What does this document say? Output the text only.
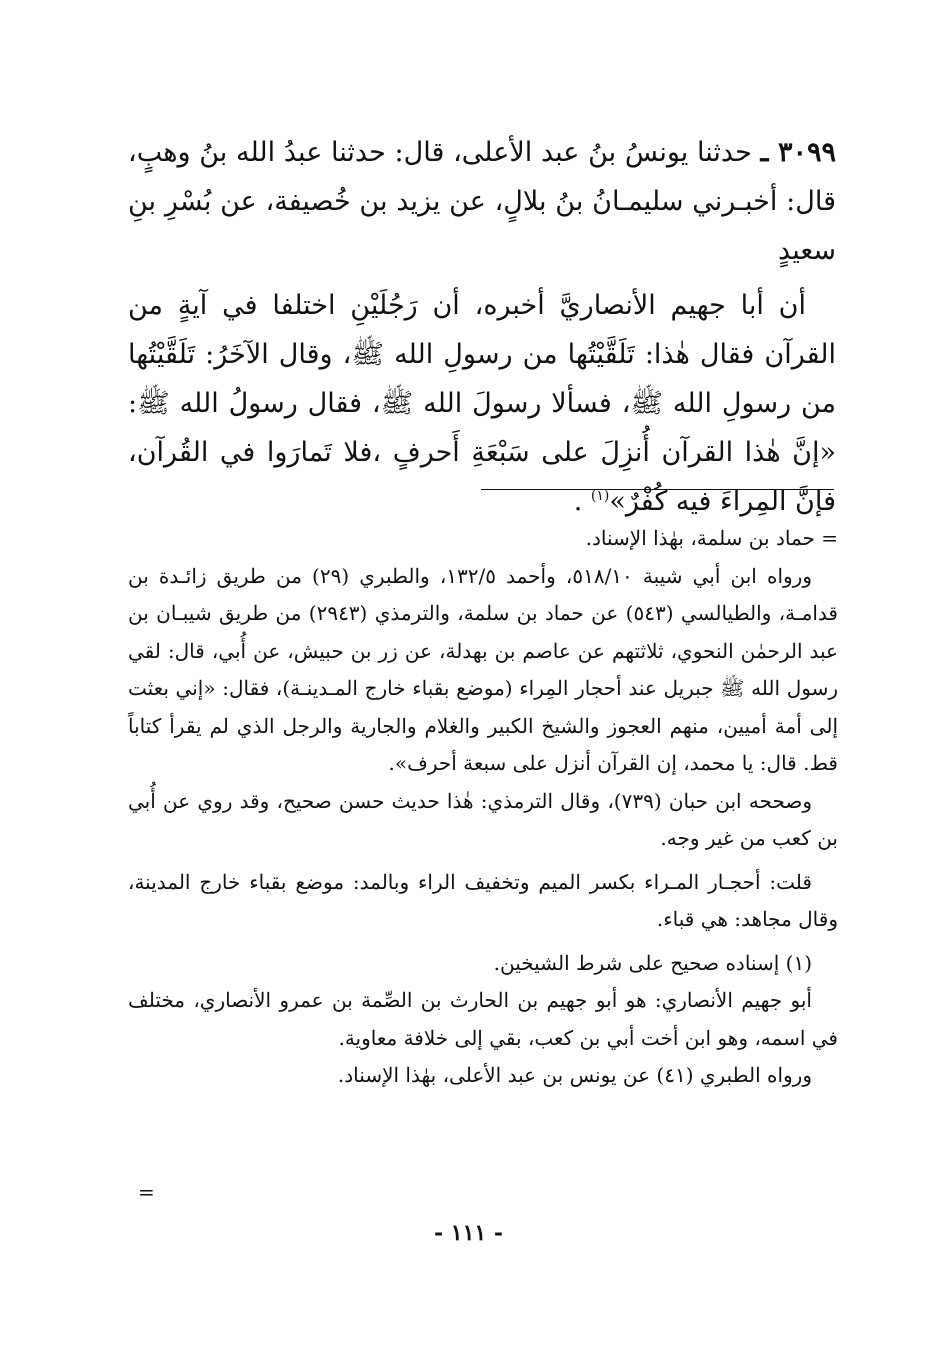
٣٠٩٩ ـ حدثنا يونسُ بنُ عبد الأعلى، قال: حدثنا عبدُ الله بنُ وهبٍ، قال: أخبـرني سليمـانُ بنُ بلالٍ، عن يزيد بن خُصيفة، عن بُسْرِ بنِ سعيدٍ

أن أبا جهيم الأنصاريَّ أخبره، أن رَجُلَيْنِ اختلفا في آيةٍ من القرآن فقال هٰذا: تَلَقَّيْتُها من رسولِ الله ﷺ، وقال الآخَرُ: تَلَقَّيْتُها من رسولِ الله ﷺ، فسألا رسولَ الله ﷺ، فقال رسولُ الله ﷺ: «إنَّ هٰذا القرآن أُنزِلَ على سَبْعَةِ أَحرفٍ ،فلا تَمارَوا في القُرآن، فإنَّ المِراءَ فيه كُفْرٌ»$^{(١)}$ .

= حماد بن سلمة، بهٰذا الإسناد.

ورواه ابن أبي شيبة ٥١٨/١٠، وأحمد ١٣٢/٥، والطبري (٢٩) من طريق زائـدة بن قدامـة، والطيالسي (٥٤٣) عن حماد بن سلمة، والترمذي (٢٩٤٣) من طريق شيبـان بن عبد الرحمٰن النحوي، ثلاثتهم عن عاصم بن بهدلة، عن زر بن حبيش، عن أُبي، قال: لقي رسول الله ﷺ جبريل عند أحجار المِراء (موضع بقباء خارج المـدينـة)، فقال: «إني بعثت إلى أمة أميين، منهم العجوز والشيخ الكبير والغلام والجارية والرجل الذي لم يقرأ كتاباً قط. قال: يا محمد، إن القرآن أنزل على سبعة أحرف».

وصححه ابن حبان (٧٣٩)، وقال الترمذي: هٰذا حديث حسن صحيح، وقد روي عن أُبي بن كعب من غير وجه.

قلت: أحجـار المـراء بكسر الميم وتخفيف الراء وبالمد: موضع بقباء خارج المدينة، وقال مجاهد: هي قباء.

(١) إسناده صحيح على شرط الشيخين.

أبو جهيم الأنصاري: هو أبو جهيم بن الحارث بن الصِّمة بن عمرو الأنصاري، مختلف في اسمه، وهو ابن أخت أبي بن كعب، بقي إلى خلافة معاوية.

ورواه الطبري (٤١) عن يونس بن عبد الأعلى، بهٰذا الإسناد.

=
- ١١١ -
